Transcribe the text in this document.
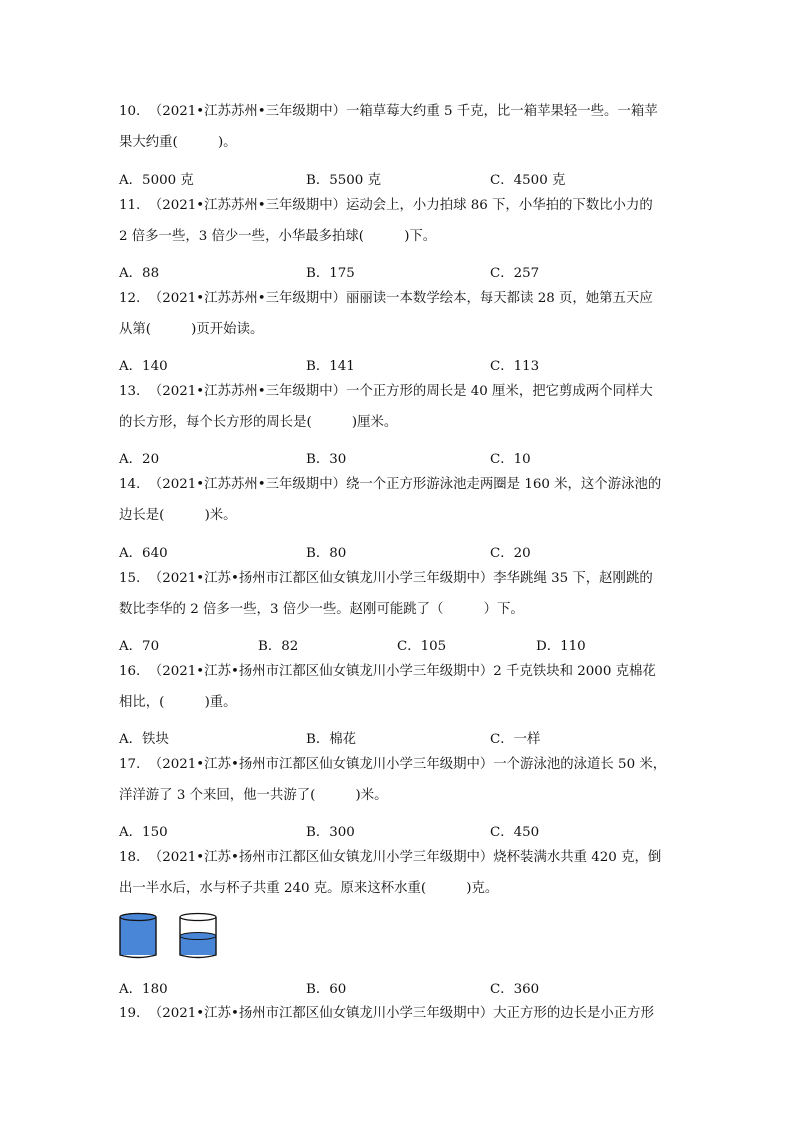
10.  （2021•江苏苏州•三年级期中）一箱草莓大约重 5 千克，比一箱苹果轻一些。一箱苹
果大约重(　　　)。
A．5000 克	B．5500 克	C．4500 克
11.  （2021•江苏苏州•三年级期中）运动会上，小力拍球 86 下，小华拍的下数比小力的
2 倍多一些，3 倍少一些，小华最多拍球(　　　)下。
A．88	B．175	C．257
12.  （2021•江苏苏州•三年级期中）丽丽读一本数学绘本，每天都读 28 页，她第五天应
从第(　　　)页开始读。
A．140	B．141	C．113
13.  （2021•江苏苏州•三年级期中）一个正方形的周长是 40 厘米，把它剪成两个同样大
的长方形，每个长方形的周长是(　　　)厘米。
A．20	B．30	C．10
14.  （2021•江苏苏州•三年级期中）绕一个正方形游泳池走两圈是 160 米，这个游泳池的
边长是(　　　)米。
A．640	B．80	C．20
15.  （2021•江苏•扬州市江都区仙女镇龙川小学三年级期中）李华跳绳 35 下，赵刚跳的
数比李华的 2 倍多一些，3 倍少一些。赵刚可能跳了（　　　）下。
A．70	B．82	C．105	D．110
16.  （2021•江苏•扬州市江都区仙女镇龙川小学三年级期中）2 千克铁块和 2000 克棉花
相比，(　　　)重。
A．铁块	B．棉花	C．一样
17.  （2021•江苏•扬州市江都区仙女镇龙川小学三年级期中）一个游泳池的泳道长 50 米，
洋洋游了 3 个来回，他一共游了(　　　)米。
A．150	B．300	C．450
18.  （2021•江苏•扬州市江都区仙女镇龙川小学三年级期中）烧杯装满水共重 420 克，倒
出一半水后，水与杯子共重 240 克。原来这杯水重(　　　)克。
A．180	B．60	C．360
19.  （2021•江苏•扬州市江都区仙女镇龙川小学三年级期中）大正方形的边长是小正方形
